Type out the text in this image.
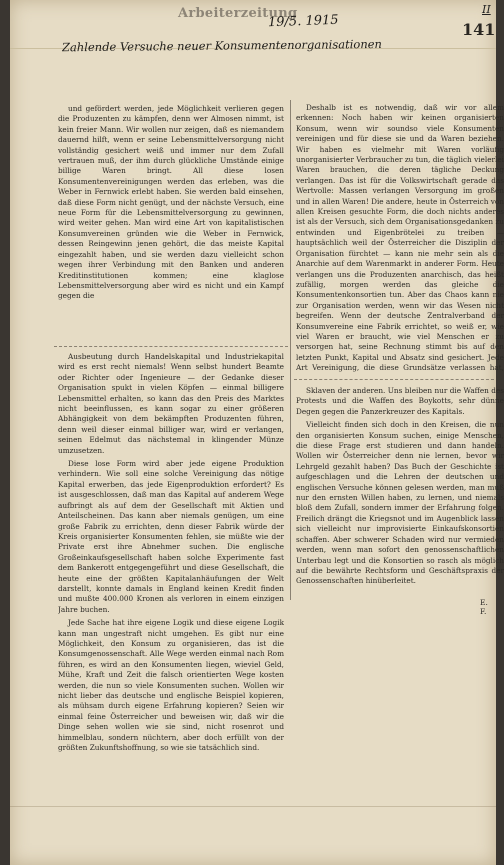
Arbeiterzeitung
19/5. 1915
II
141
Zahlende Versuche neuer Konsumentenorganisationen

und gefördert werden, jede Möglichkeit verlieren gegen die Produzenten zu kämpfen, denn wer Almosen nimmt, ist kein freier Mann. Wir wollen nur zeigen, daß es niemandem dauernd hilft, wenn er seine Lebensmittelversorgung nicht vollständig gesichert weiß und immer nur dem Zufall vertrauen muß, der ihm durch glückliche Umstände einige billige Waren bringt. All diese losen Konsumentenvereinigungen werden das erleben, was die Weber in Fernwick erlebt haben. Sie werden bald einsehen, daß diese Form nicht genügt, und der nächste Versuch, eine neue Form für die Lebensmittelversorgung zu gewinnen, wird weiter gehen. Man wird eine Art von kapitalistischen Konsumvereinen gründen wie die Weber in Fernwick, dessen Reingewinn jenen gehört, die das meiste Kapital eingezahlt haben, und sie werden dazu vielleicht schon wegen ihrer Verbindung mit den Banken und anderen Kreditinstitutionen kommen; eine klaglose Lebensmittelversorgung aber wird es nicht und ein Kampf gegen die

Ausbeutung durch Handelskapital und Industriekapital wird es erst recht niemals! Wenn selbst hundert Beamte oder Richter oder Ingenieure — der Gedanke dieser Organisation spukt in vielen Köpfen — einmal billigere Lebensmittel erhalten, so kann das den Preis des Marktes nicht beeinflussen, es kann sogar zu einer größeren Abhängigkeit von dem bekämpften Produzenten führen, denn weil dieser einmal billiger war, wird er verlangen, seinen Edelmut das nächstemal in klingender Münze umzusetzen.

Diese lose Form wird aber jede eigene Produktion verhindern. Wie soll eine solche Vereinigung das nötige Kapital erwerben, das jede Eigenproduktion erfordert? Es ist ausgeschlossen, daß man das Kapital auf anderem Wege aufbringt als auf dem der Gesellschaft mit Aktien und Anteilscheinen. Das kann aber niemals genügen, um eine große Fabrik zu errichten, denn dieser Fabrik würde der Kreis organisierter Konsumenten fehlen, sie müßte wie der Private erst ihre Abnehmer suchen. Die englische Großeinkaufsgesellschaft haben solche Experimente fast dem Bankerott entgegengeführt und diese Gesellschaft, die heute eine der größten Kapitalanhäufungen der Welt darstellt, konnte damals in England keinen Kredit finden und mußte 400.000 Kronen als verloren in einem einzigen Jahre buchen.

Jede Sache hat ihre eigene Logik und diese eigene Logik kann man ungestraft nicht umgehen. Es gibt nur eine Möglichkeit, den Konsum zu organisieren, das ist die Konsumgenossenschaft. Alle Wege werden einmal nach Rom führen, es wird an den Konsumenten liegen, wieviel Geld, Mühe, Kraft und Zeit die falsch orientierten Wege kosten werden, die nun so viele Konsumenten suchen. Wollen wir nicht lieber das deutsche und englische Beispiel kopieren, als mühsam durch eigene Erfahrung kopieren? Seien wir einmal feine Österreicher und beweisen wir, daß wir die Dinge sehen wollen wie sie sind, nicht rosenrot und himmelblau, sondern nüchtern, aber doch erfüllt von der größten Zukunftshoffnung, so wie sie tatsächlich sind.

Deshalb ist es notwendig, daß wir vor allem erkennen: Noch haben wir keinen organisierten Konsum, wenn wir soundso viele Konsumenten vereinigen und für diese sie und da Waren beziehen. Wir haben es vielmehr mit Waren vorläufig unorganisierter Verbraucher zu tun, die täglich vielerlei Waren brauchen, die deren tägliche Deckung verlangen. Das ist für die Volkswirtschaft gerade das Wertvolle: Massen verlangen Versorgung im großen und in allen Waren! Die andere, heute in Österreich von allen Kreisen gesuchte Form, die doch nichts anderes ist als der Versuch, sich dem Organisationsgedanken zu entwinden und Eigenbrötelei zu treiben — hauptsächlich weil der Österreicher die Disziplin der Organisation fürchtet — kann nie mehr sein als die Anarchie auf dem Warenmarkt in anderer Form. Heute verlangen uns die Produzenten anarchisch, das heißt zufällig, morgen werden das gleiche die Konsumentenkonsortien tun. Aber das Chaos kann nie zur Organisation werden, wenn wir das Wesen nicht begreifen. Wenn der deutsche Zentralverband der Konsumvereine eine Fabrik errichtet, so weiß er, wie viel Waren er braucht, wie viel Menschen er zu versorgen hat, seine Rechnung stimmt bis auf den letzten Punkt, Kapital und Absatz sind gesichert. Jede Art Vereinigung, die diese Grundsätze verlassen hat,

Sklaven der anderen. Uns bleiben nur die Waffen des Protests und die Waffen des Boykotts, sehr dünne Degen gegen die Panzerkreuzer des Kapitals.

Vielleicht finden sich doch in den Kreisen, die nun den organisierten Konsum suchen, einige Menschen, die diese Frage erst studieren und dann handeln. Wollen wir Österreicher denn nie lernen, bevor wir Lehrgeld gezahlt haben? Das Buch der Geschichte ist aufgeschlagen und die Lehren der deutschen und englischen Versuche können gelesen werden, man muß nur den ernsten Willen haben, zu lernen, und niemals bloß dem Zufall, sondern immer der Erfahrung folgen. Freilich drängt die Kriegsnot und im Augenblick lassen sich vielleicht nur improvisierte Einkaufskonsortien schaffen. Aber schwerer Schaden wird nur vermieden werden, wenn man sofort den genossenschaftlichen Unterbau legt und die Konsortien so rasch als möglich auf die bewährte Rechtsform und Geschäftspraxis der Genossenschaften hinüberleitet.

E. F.
